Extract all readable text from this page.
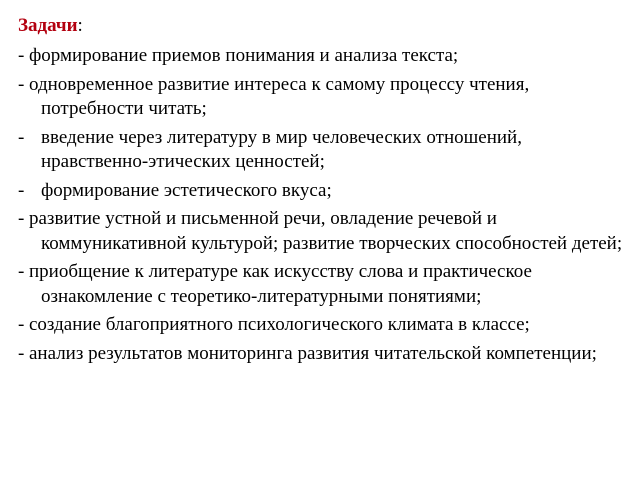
Задачи:
-формирование приемов понимания и анализа текста;
-одновременное развитие интереса к самому процессу чтения, потребности читать;
- введение через литературу в мир человеческих отношений, нравственно-этических ценностей;
- формирование эстетического вкуса;
-развитие устной и письменной речи, овладение речевой и коммуникативной культурой; развитие творческих способностей детей;
-приобщение к литературе как искусству слова и практическое ознакомление с теоретико-литературными понятиями;
-создание благоприятного психологического климата в классе;
-анализ результатов мониторинга развития читательской компетенции;
